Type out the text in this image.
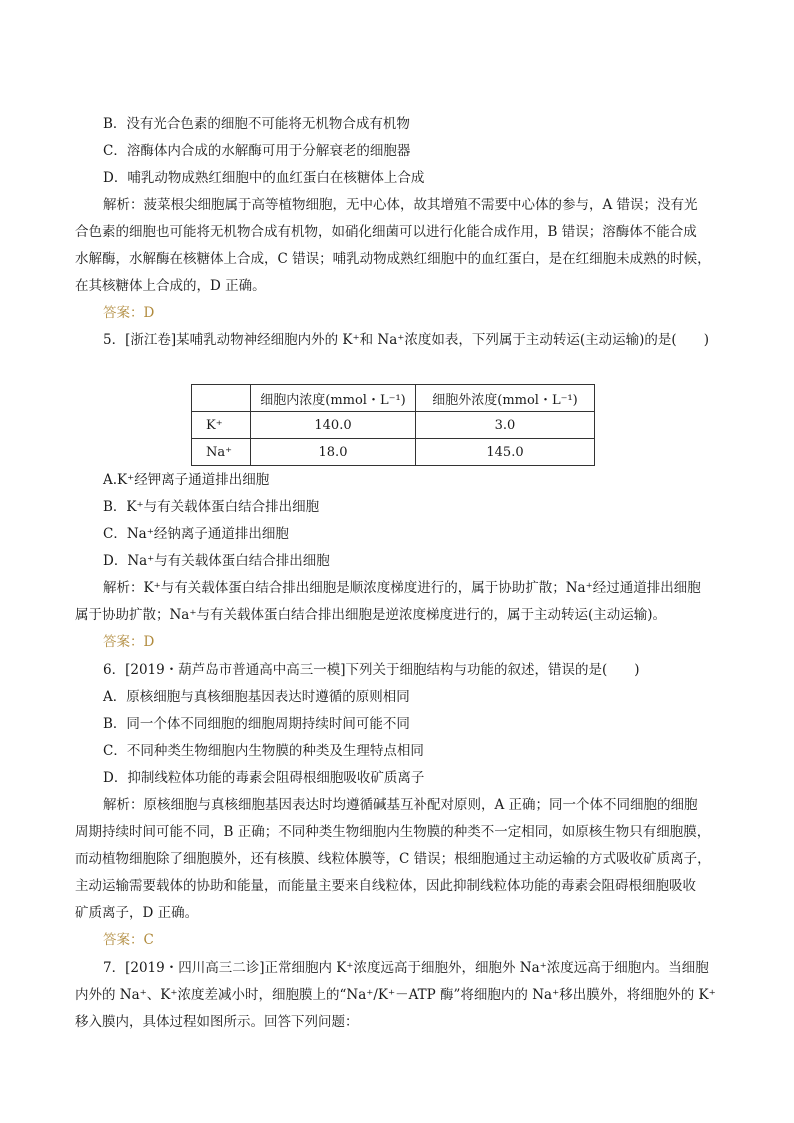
B．没有光合色素的细胞不可能将无机物合成有机物
C．溶酶体内合成的水解酶可用于分解衰老的细胞器
D．哺乳动物成熟红细胞中的血红蛋白在核糖体上合成
解析：菠菜根尖细胞属于高等植物细胞，无中心体，故其增殖不需要中心体的参与，A 错误；没有光
合色素的细胞也可能将无机物合成有机物，如硝化细菌可以进行化能合成作用，B 错误；溶酶体不能合成
水解酶，水解酶在核糖体上合成，C 错误；哺乳动物成熟红细胞中的血红蛋白，是在红细胞未成熟的时候，
在其核糖体上合成的，D 正确。
答案：D
5．[浙江卷]某哺乳动物神经细胞内外的 K⁺和 Na⁺浓度如表，下列属于主动转运(主动运输)的是(　　)
	细胞内浓度(mmol・L⁻¹)	细胞外浓度(mmol・L⁻¹)
K⁺	140.0	3.0
Na⁺	18.0	145.0
A.K⁺经钾离子通道排出细胞
B．K⁺与有关载体蛋白结合排出细胞
C．Na⁺经钠离子通道排出细胞
D．Na⁺与有关载体蛋白结合排出细胞
解析：K⁺与有关载体蛋白结合排出细胞是顺浓度梯度进行的，属于协助扩散；Na⁺经过通道排出细胞
属于协助扩散；Na⁺与有关载体蛋白结合排出细胞是逆浓度梯度进行的，属于主动转运(主动运输)。
答案：D
6．[2019・葫芦岛市普通高中高三一模]下列关于细胞结构与功能的叙述，错误的是(　　)
A．原核细胞与真核细胞基因表达时遵循的原则相同
B．同一个体不同细胞的细胞周期持续时间可能不同
C．不同种类生物细胞内生物膜的种类及生理特点相同
D．抑制线粒体功能的毒素会阻碍根细胞吸收矿质离子
解析：原核细胞与真核细胞基因表达时均遵循碱基互补配对原则，A 正确；同一个体不同细胞的细胞
周期持续时间可能不同，B 正确；不同种类生物细胞内生物膜的种类不一定相同，如原核生物只有细胞膜，
而动植物细胞除了细胞膜外，还有核膜、线粒体膜等，C 错误；根细胞通过主动运输的方式吸收矿质离子，
主动运输需要载体的协助和能量，而能量主要来自线粒体，因此抑制线粒体功能的毒素会阻碍根细胞吸收
矿质离子，D 正确。
答案：C
7．[2019・四川高三二诊]正常细胞内 K⁺浓度远高于细胞外，细胞外 Na⁺浓度远高于细胞内。当细胞
内外的 Na⁺、K⁺浓度差减小时，细胞膜上的“Na⁺/K⁺－ATP 酶”将细胞内的 Na⁺移出膜外，将细胞外的 K⁺
移入膜内，具体过程如图所示。回答下列问题：
